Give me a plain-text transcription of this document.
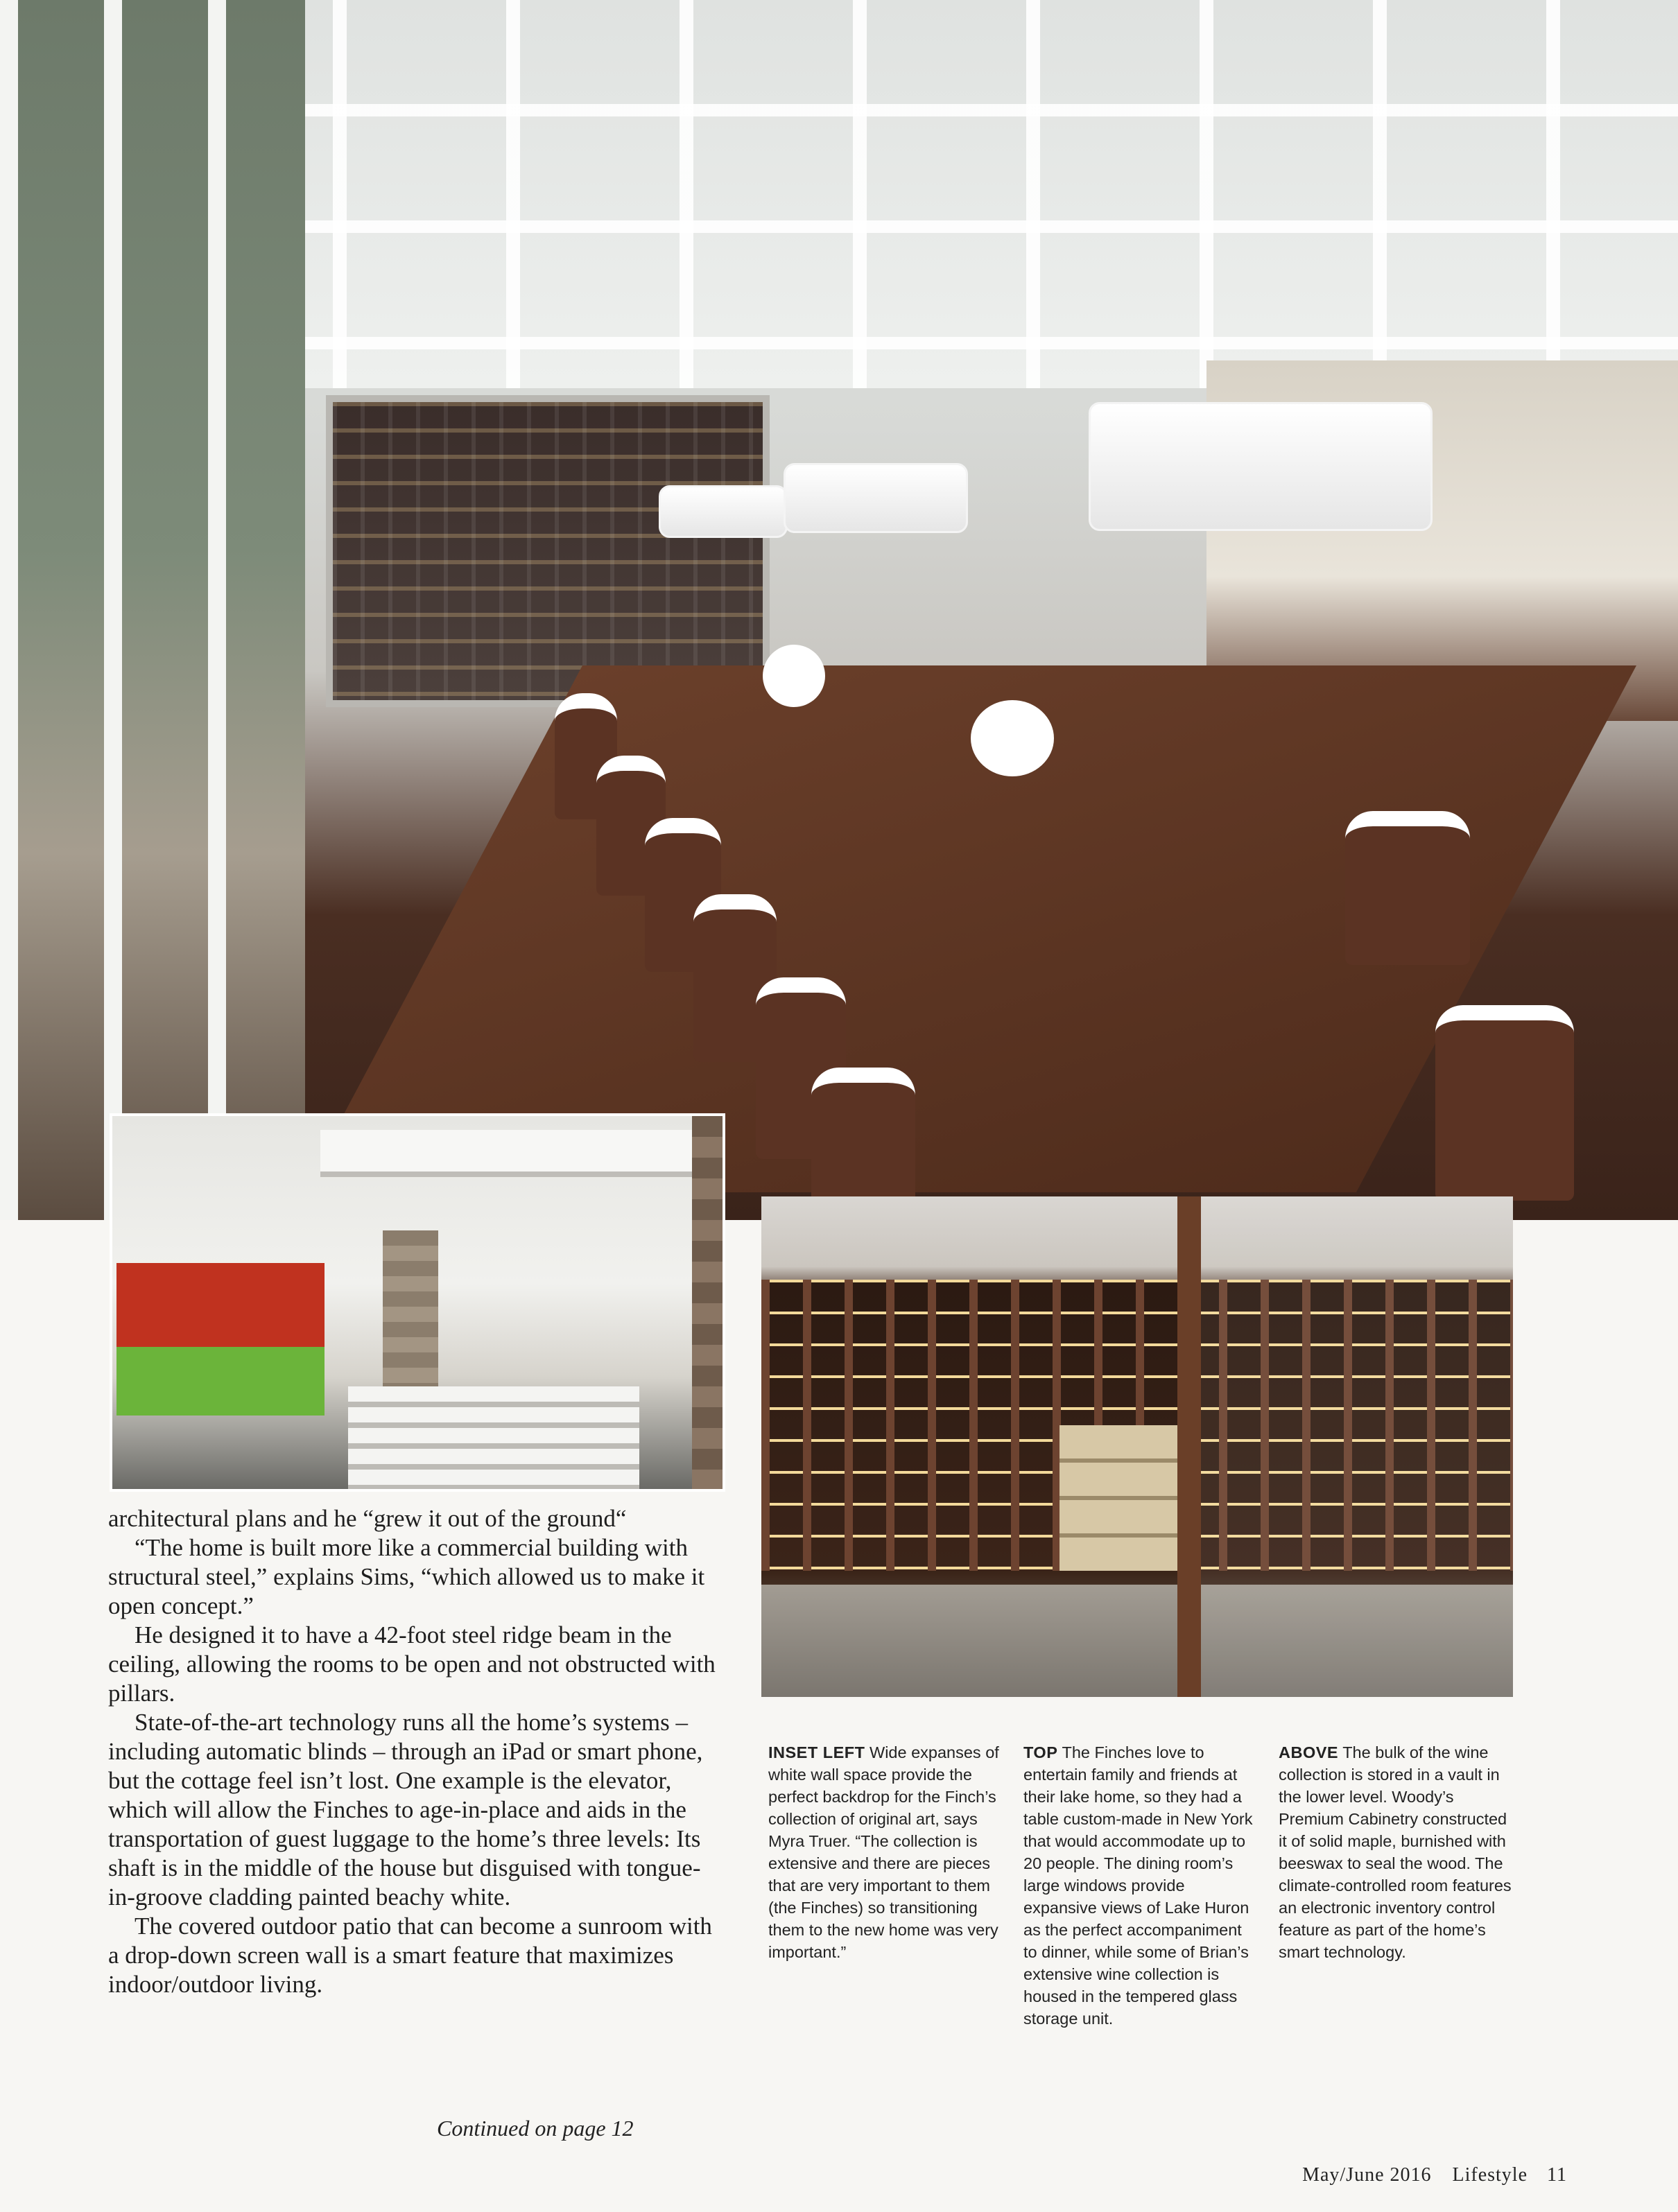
architectural plans and he “grew it out of the ground“

“The home is built more like a commercial building with structural steel,” explains Sims, “which allowed us to make it open concept.”

He designed it to have a 42-foot steel ridge beam in the ceiling, allowing the rooms to be open and not obstructed with pillars.

State-of-the-art technology runs all the home’s systems – including automatic blinds – through an iPad or smart phone, but the cottage feel isn’t lost. One example is the elevator, which will allow the Finches to age-in-place and aids in the transportation of guest luggage to the home’s three levels: Its shaft is in the middle of the house but disguised with tongue-in-groove cladding painted beachy white.

The covered outdoor patio that can become a sunroom with a drop-down screen wall is a smart feature that maximizes indoor/outdoor living.

Continued on page 12
INSET LEFT Wide expanses of white wall space provide the perfect backdrop for the Finch’s collection of original art, says Myra Truer. “The collection is extensive and there are pieces that are very important to them (the Finches) so transitioning them to the new home was very important.”
TOP The Finches love to entertain family and friends at their lake home, so they had a table custom-made in New York that would accommodate up to 20 people. The dining room’s large windows provide expansive views of Lake Huron as the perfect accompaniment to dinner, while some of Brian’s extensive wine collection is housed in the tempered glass storage unit.
ABOVE The bulk of the wine collection is stored in a vault in the lower level. Woody’s Premium Cabinetry constructed it of solid maple, burnished with beeswax to seal the wood. The climate-controlled room features an electronic inventory control feature as part of the home’s smart technology.
May/June 2016 Lifestyle 11
